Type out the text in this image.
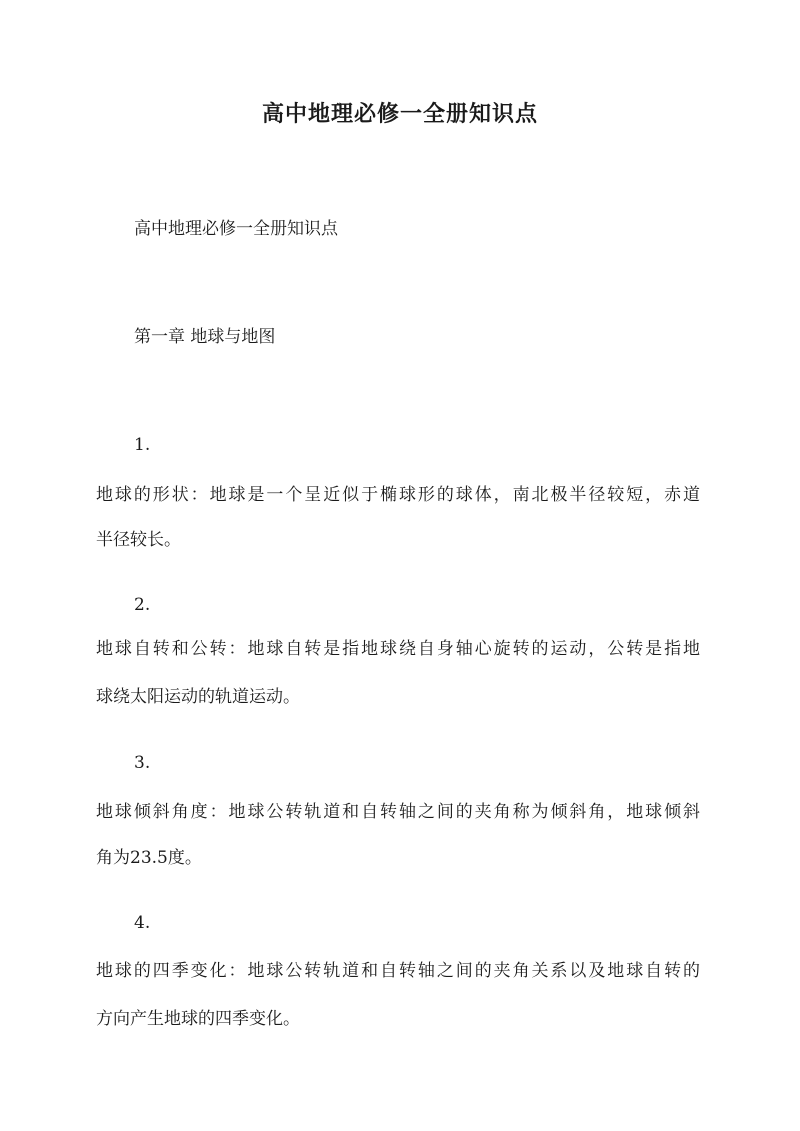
高中地理必修一全册知识点
高中地理必修一全册知识点
第一章 地球与地图
1.
地球的形状：地球是一个呈近似于椭球形的球体，南北极半径较短，赤道
半径较长。
2.
地球自转和公转：地球自转是指地球绕自身轴心旋转的运动，公转是指地
球绕太阳运动的轨道运动。
3.
地球倾斜角度：地球公转轨道和自转轴之间的夹角称为倾斜角，地球倾斜
角为23.5度。
4.
地球的四季变化：地球公转轨道和自转轴之间的夹角关系以及地球自转的
方向产生地球的四季变化。
